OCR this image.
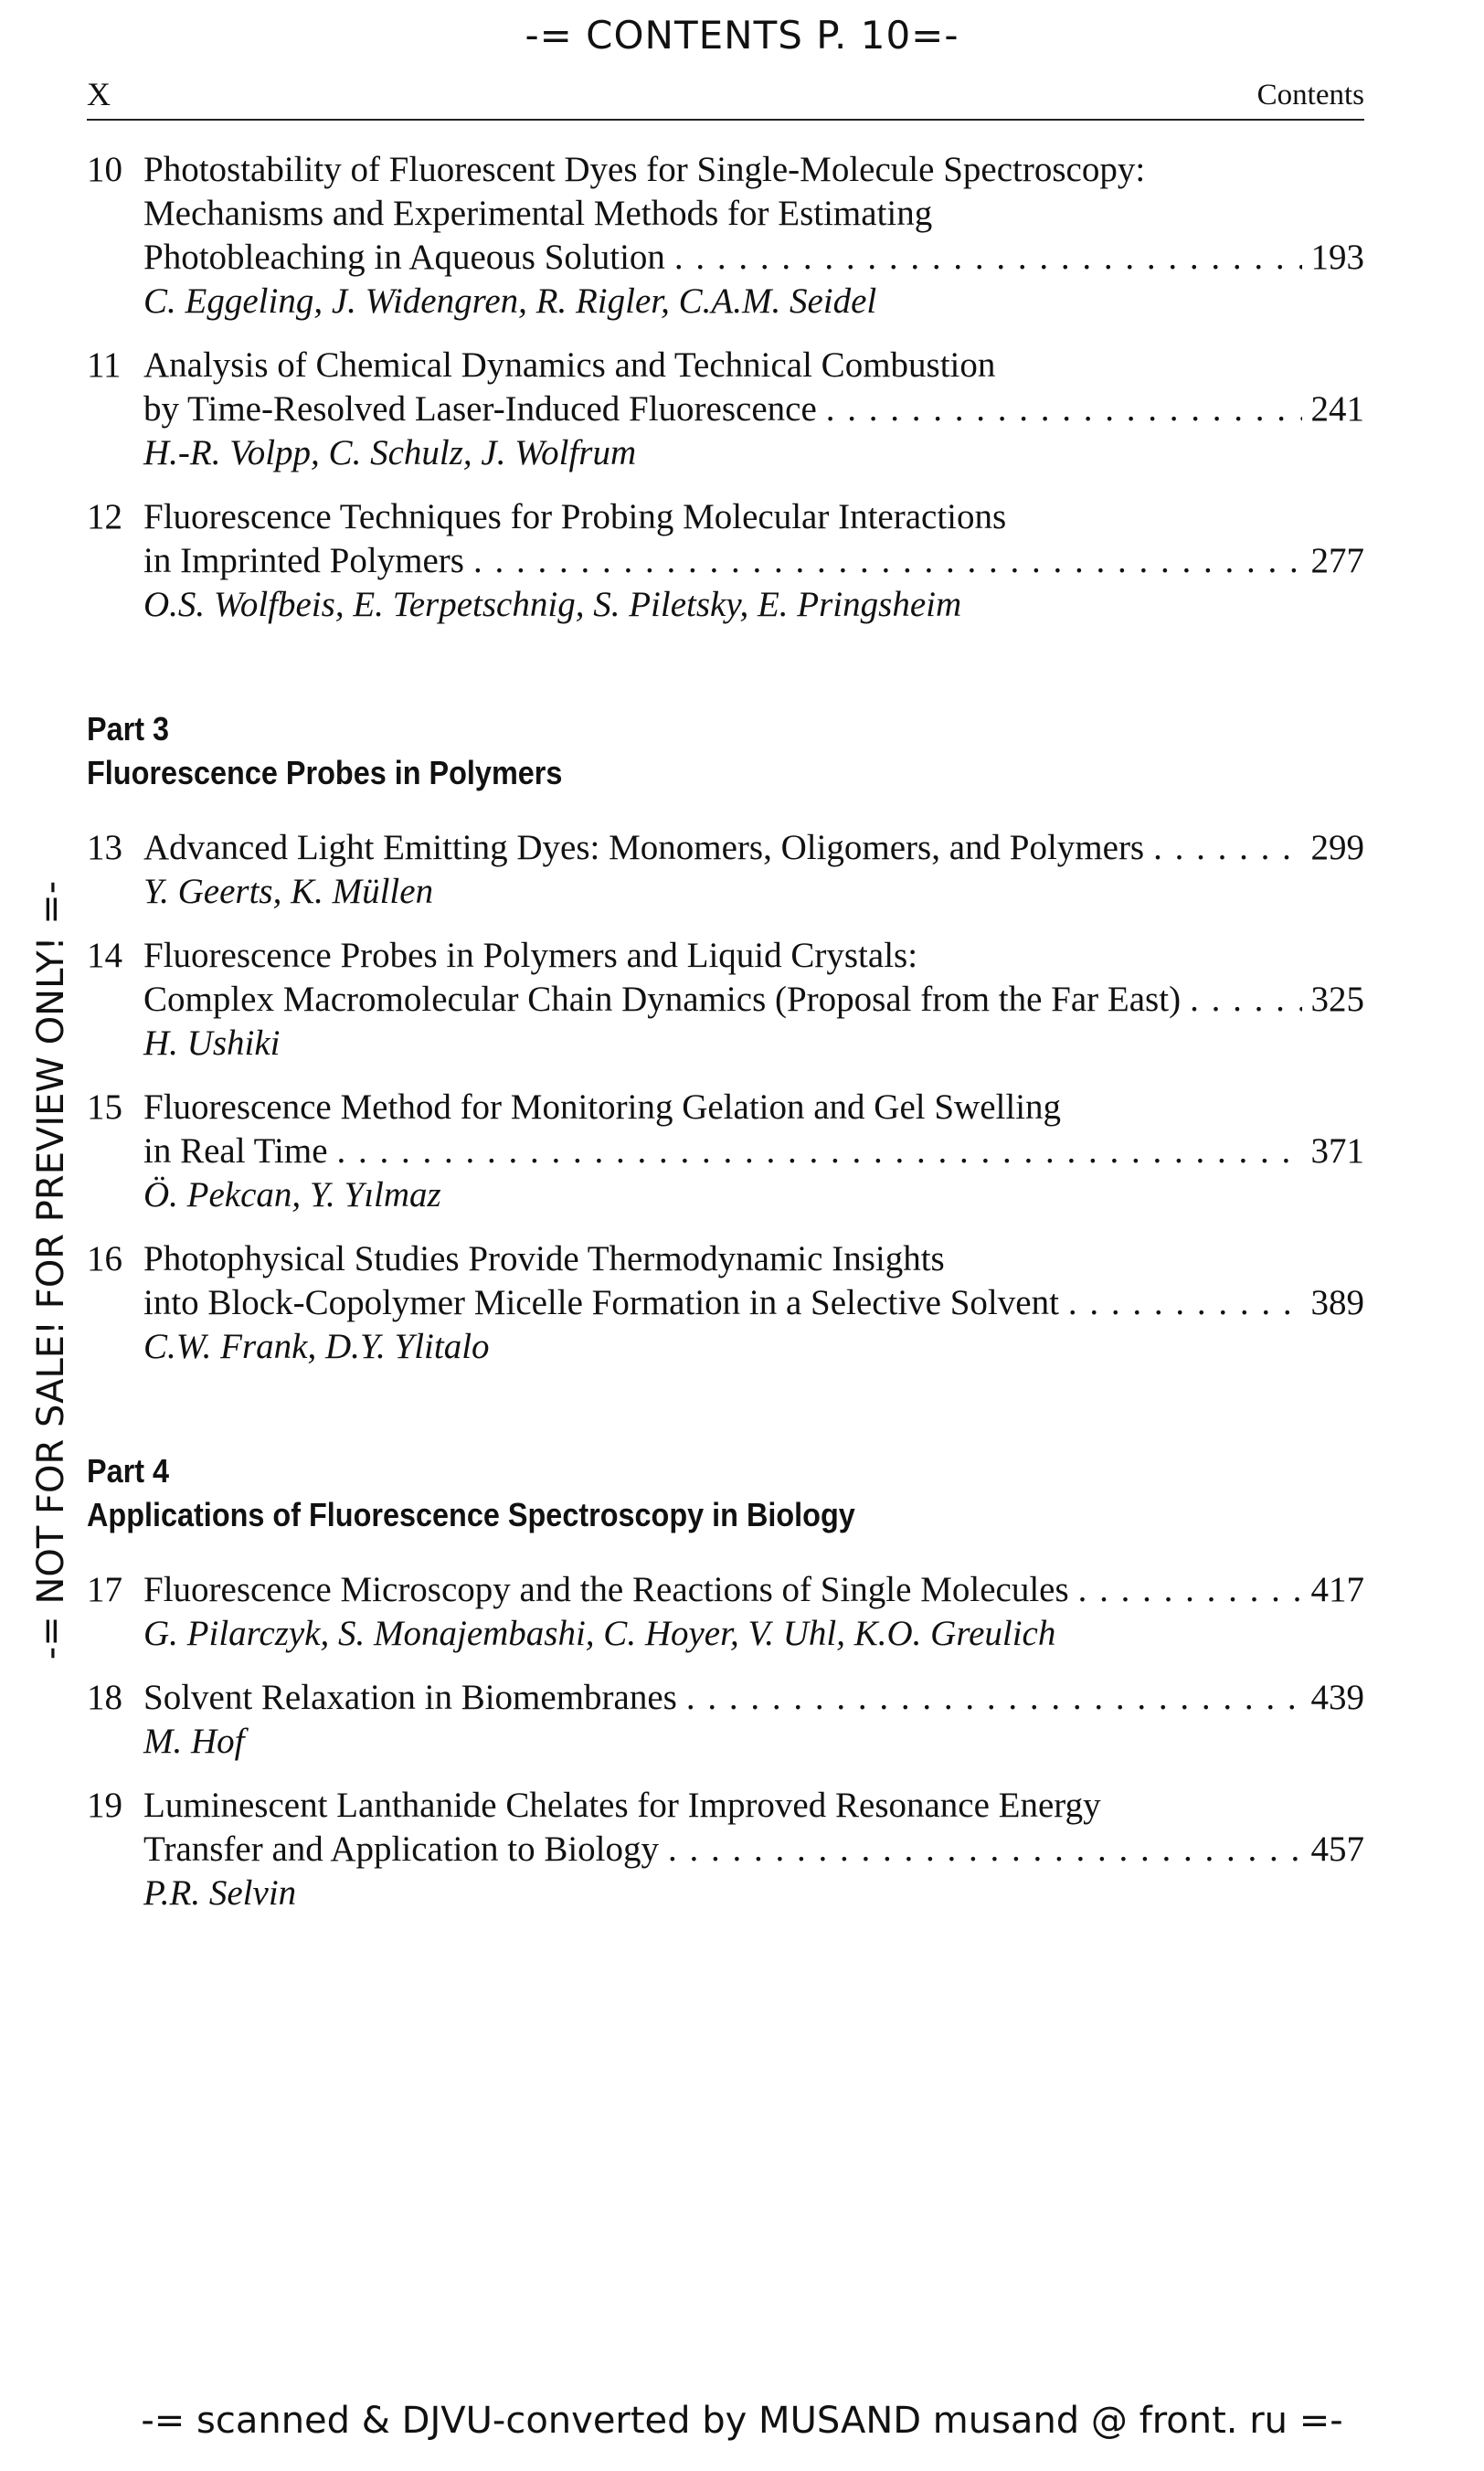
-= CONTENTS P. 10=-
-= NOT FOR SALE! FOR PREVIEW ONLY! =-
X	Contents
10 Photostability of Fluorescent Dyes for Single-Molecule Spectroscopy:
Mechanisms and Experimental Methods for Estimating
Photobleaching in Aqueous Solution . . .	193
C. Eggeling, J. Widengren, R. Rigler, C.A.M. Seidel
11 Analysis of Chemical Dynamics and Technical Combustion
by Time-Resolved Laser-Induced Fluorescence . . .	241
H.-R. Volpp, C. Schulz, J. Wolfrum
12 Fluorescence Techniques for Probing Molecular Interactions
in Imprinted Polymers . . .	277
O.S. Wolfbeis, E. Terpetschnig, S. Piletsky, E. Pringsheim
Part 3
Fluorescence Probes in Polymers
13 Advanced Light Emitting Dyes: Monomers, Oligomers, and Polymers . . .	299
Y. Geerts, K. Müllen
14 Fluorescence Probes in Polymers and Liquid Crystals:
Complex Macromolecular Chain Dynamics (Proposal from the Far East) . . .	325
H. Ushiki
15 Fluorescence Method for Monitoring Gelation and Gel Swelling
in Real Time . . .	371
Ö. Pekcan, Y. Yılmaz
16 Photophysical Studies Provide Thermodynamic Insights
into Block-Copolymer Micelle Formation in a Selective Solvent . . .	389
C.W. Frank, D.Y. Ylitalo
Part 4
Applications of Fluorescence Spectroscopy in Biology
17 Fluorescence Microscopy and the Reactions of Single Molecules . . .	417
G. Pilarczyk, S. Monajembashi, C. Hoyer, V. Uhl, K.O. Greulich
18 Solvent Relaxation in Biomembranes . . .	439
M. Hof
19 Luminescent Lanthanide Chelates for Improved Resonance Energy
Transfer and Application to Biology . . .	457
P.R. Selvin
-= scanned & DJVU-converted by MUSAND musand @ front. ru =-
